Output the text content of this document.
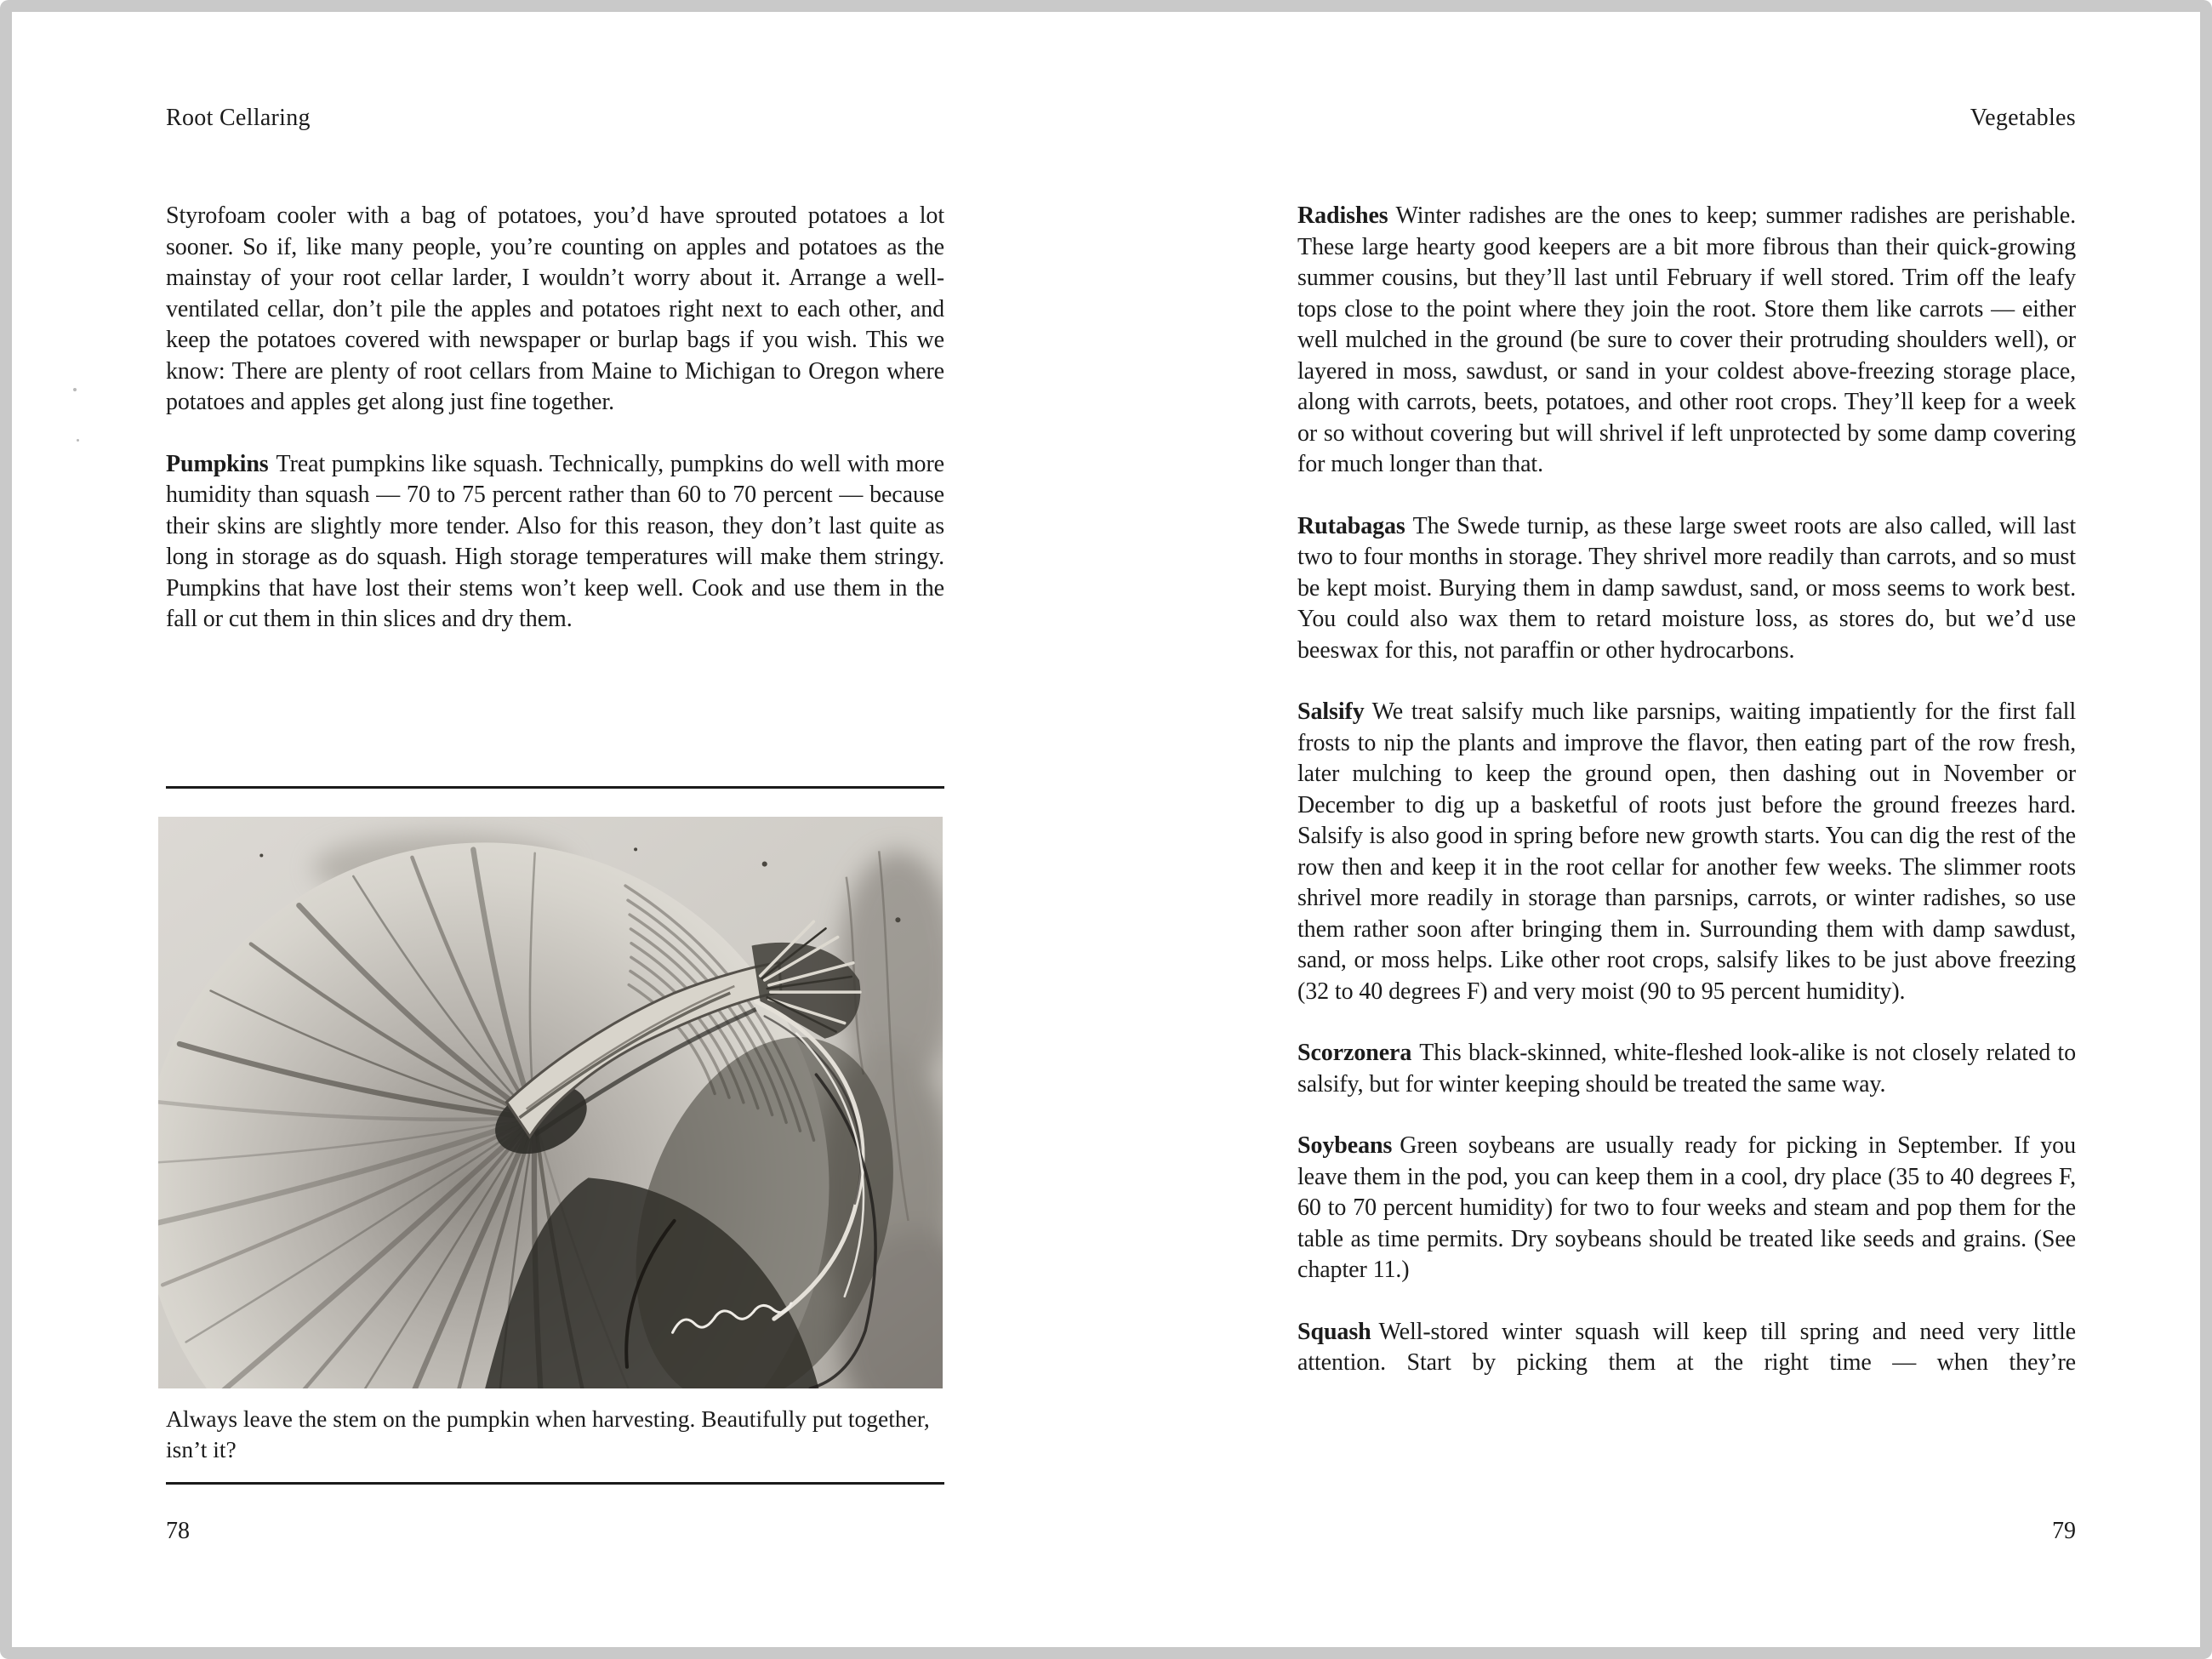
Root Cellaring

Styrofoam cooler with a bag of potatoes, you’d have sprouted potatoes a lot sooner. So if, like many people, you’re counting on apples and potatoes as the mainstay of your root cellar larder, I wouldn’t worry about it. Arrange a well-ventilated cellar, don’t pile the apples and potatoes right next to each other, and keep the potatoes covered with newspaper or burlap bags if you wish. This we know: There are plenty of root cellars from Maine to Michigan to Oregon where potatoes and apples get along just fine together.

Pumpkins Treat pumpkins like squash. Technically, pumpkins do well with more humidity than squash — 70 to 75 percent rather than 60 to 70 percent — because their skins are slightly more tender. Also for this reason, they don’t last quite as long in storage as do squash. High storage temperatures will make them stringy. Pumpkins that have lost their stems won’t keep well. Cook and use them in the fall or cut them in thin slices and dry them.

Always leave the stem on the pumpkin when harvesting. Beautifully put together, isn’t it?

78
Vegetables

Radishes Winter radishes are the ones to keep; summer radishes are perishable. These large hearty good keepers are a bit more fibrous than their quick-growing summer cousins, but they’ll last until February if well stored. Trim off the leafy tops close to the point where they join the root. Store them like carrots — either well mulched in the ground (be sure to cover their protruding shoulders well), or layered in moss, sawdust, or sand in your coldest above-freezing storage place, along with carrots, beets, potatoes, and other root crops. They’ll keep for a week or so without covering but will shrivel if left unprotected by some damp covering for much longer than that.

Rutabagas The Swede turnip, as these large sweet roots are also called, will last two to four months in storage. They shrivel more readily than carrots, and so must be kept moist. Burying them in damp sawdust, sand, or moss seems to work best. You could also wax them to retard moisture loss, as stores do, but we’d use beeswax for this, not paraffin or other hydrocarbons.

Salsify We treat salsify much like parsnips, waiting impatiently for the first fall frosts to nip the plants and improve the flavor, then eating part of the row fresh, later mulching to keep the ground open, then dashing out in November or December to dig up a basketful of roots just before the ground freezes hard. Salsify is also good in spring before new growth starts. You can dig the rest of the row then and keep it in the root cellar for another few weeks. The slimmer roots shrivel more readily in storage than parsnips, carrots, or winter radishes, so use them rather soon after bringing them in. Surrounding them with damp sawdust, sand, or moss helps. Like other root crops, salsify likes to be just above freezing (32 to 40 degrees F) and very moist (90 to 95 percent humidity).

Scorzonera This black-skinned, white-fleshed look-alike is not closely related to salsify, but for winter keeping should be treated the same way.

Soybeans Green soybeans are usually ready for picking in September. If you leave them in the pod, you can keep them in a cool, dry place (35 to 40 degrees F, 60 to 70 percent humidity) for two to four weeks and steam and pop them for the table as time permits. Dry soybeans should be treated like seeds and grains. (See chapter 11.)

Squash Well-stored winter squash will keep till spring and need very little attention. Start by picking them at the right time — when they’re

79
